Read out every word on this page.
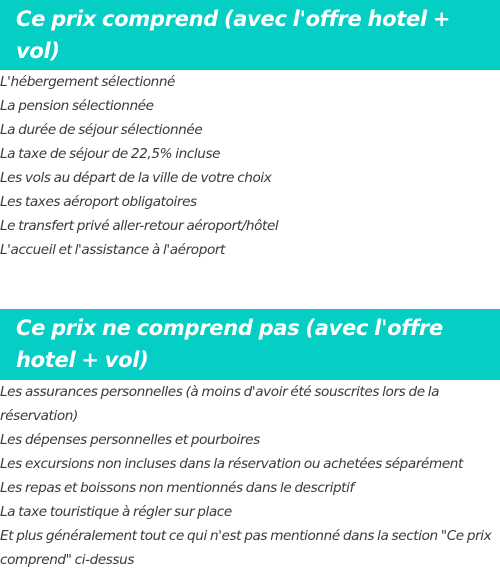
Ce prix comprend (avec l'offre hotel + vol)
L'hébergement sélectionné
La pension sélectionnée
La durée de séjour sélectionnée
La taxe de séjour de 22,5% incluse
Les vols au départ de la ville de votre choix
Les taxes aéroport obligatoires
Le transfert privé aller-retour aéroport/hôtel
L'accueil et l'assistance à l'aéroport
Ce prix ne comprend pas (avec l'offre hotel + vol)
Les assurances personnelles (à moins d'avoir été souscrites lors de la réservation)
Les dépenses personnelles et pourboires
Les excursions non incluses dans la réservation ou achetées séparément
Les repas et boissons non mentionnés dans le descriptif
La taxe touristique à régler sur place
Et plus généralement tout ce qui n'est pas mentionné dans la section "Ce prix comprend" ci-dessus
